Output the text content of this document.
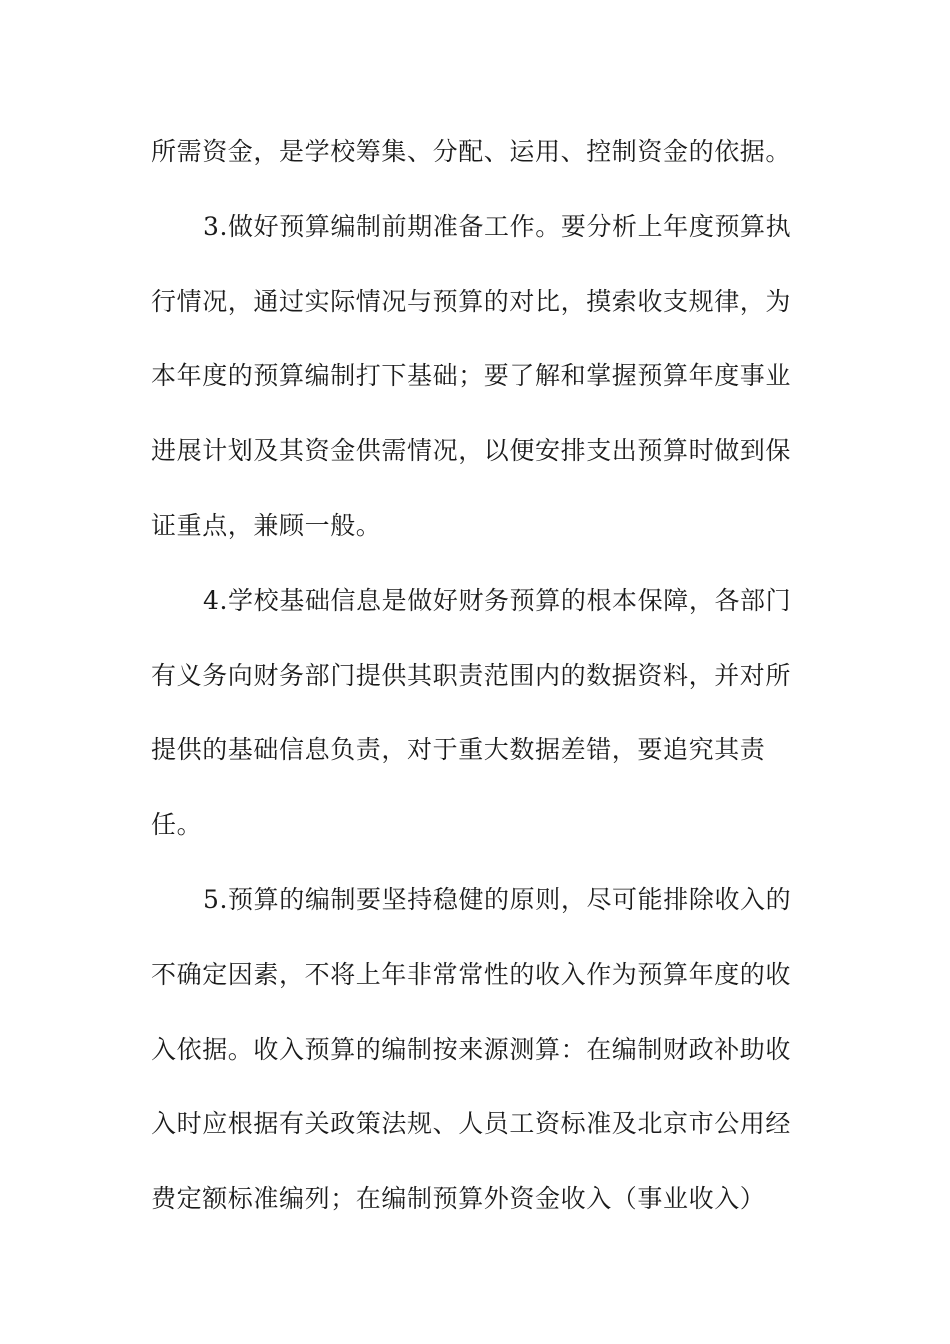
所需资金，是学校筹集、分配、运用、控制资金的依据。
3.做好预算编制前期准备工作。要分析上年度预算执
行情况，通过实际情况与预算的对比，摸索收支规律，为
本年度的预算编制打下基础；要了解和掌握预算年度事业
进展计划及其资金供需情况，以便安排支出预算时做到保
证重点，兼顾一般。
4.学校基础信息是做好财务预算的根本保障，各部门
有义务向财务部门提供其职责范围内的数据资料，并对所
提供的基础信息负责，对于重大数据差错，要追究其责
任。
5.预算的编制要坚持稳健的原则，尽可能排除收入的
不确定因素，不将上年非常常性的收入作为预算年度的收
入依据。收入预算的编制按来源测算：在编制财政补助收
入时应根据有关政策法规、人员工资标准及北京市公用经
费定额标准编列；在编制预算外资金收入（事业收入）
